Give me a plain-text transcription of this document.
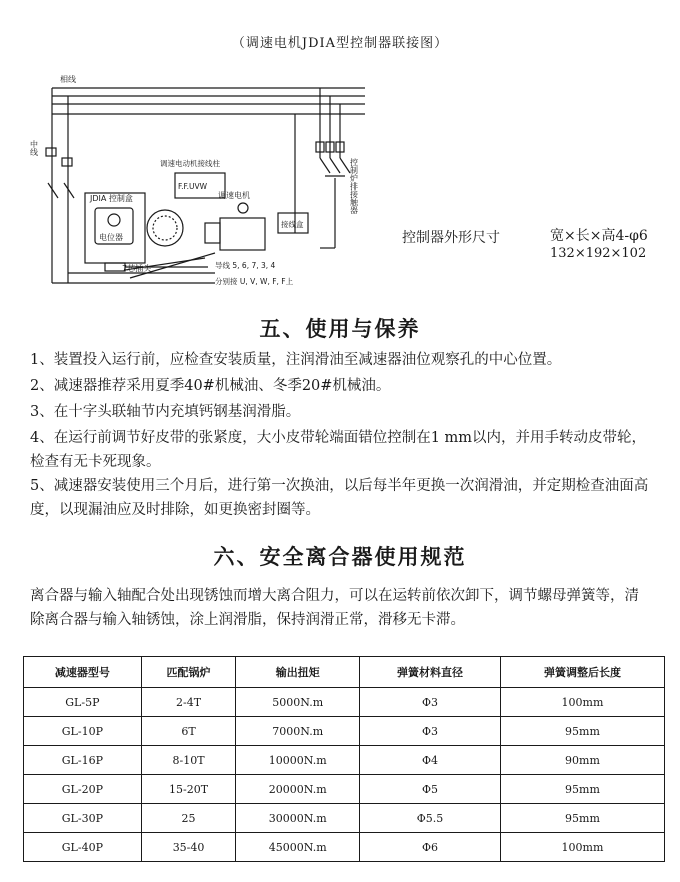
（调速电机JDIA型控制器联接图）
相线
中线
控制炉排接触器
JDIA 控制盒
电位器
7芯插头
调速电动机接线柱
F.F.UVW
调速电机
接线盒
导线 5, 6, 7, 3, 4
分别接 U, V, W, F, F上
控制器外形尺寸	宽×长×高4-φ6
132×192×102
五、使用与保养

1、装置投入运行前，应检查安装质量，注润滑油至减速器油位观察孔的中心位置。

2、减速器推荐采用夏季40#机械油、冬季20#机械油。

3、在十字头联轴节内充填钙钢基润滑脂。

4、在运行前调节好皮带的张紧度，大小皮带轮端面错位控制在1 mm以内，并用手转动皮带轮，检查有无卡死现象。

5、减速器安装使用三个月后，进行第一次换油，以后每半年更换一次润滑油，并定期检查油面高度，以现漏油应及时排除，如更换密封圈等。

六、安全离合器使用规范

离合器与输入轴配合处出现锈蚀而增大离合阻力，可以在运转前依次卸下，调节螺母弹簧等，清除离合器与输入轴锈蚀，涂上润滑脂，保持润滑正常，滑移无卡滞。

减速器型号	匹配锅炉	输出扭矩	弹簧材料直径	弹簧调整后长度
GL-5P	2-4T	5000N.m	Φ3	100mm
GL-10P	6T	7000N.m	Φ3	95mm
GL-16P	8-10T	10000N.m	Φ4	90mm
GL-20P	15-20T	20000N.m	Φ5	95mm
GL-30P	25	30000N.m	Φ5.5	95mm
GL-40P	35-40	45000N.m	Φ6	100mm
